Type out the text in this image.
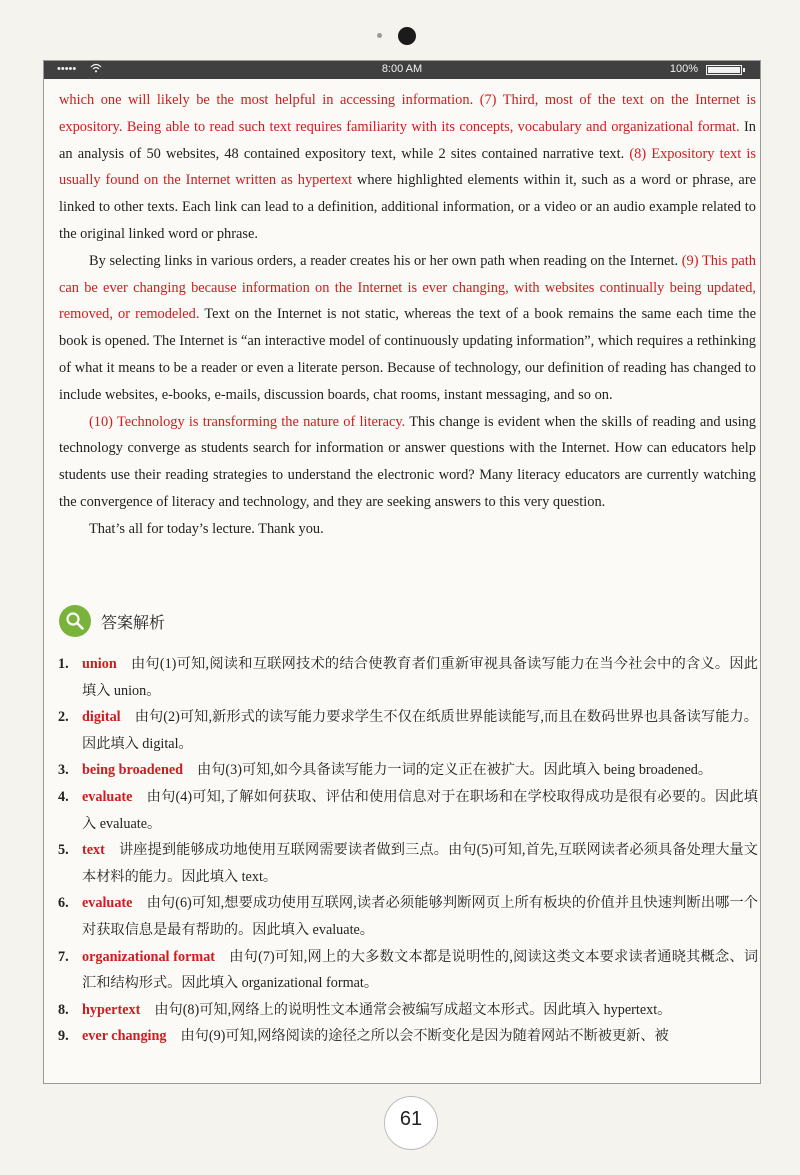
•••••	8:00 AM	100%

which one will likely be the most helpful in accessing information. (7) Third, most of the text on the Internet is expository. Being able to read such text requires familiarity with its concepts, vocabulary and organizational format. In an analysis of 50 websites, 48 contained expository text, while 2 sites contained narrative text. (8) Expository text is usually found on the Internet written as hypertext where highlighted elements within it, such as a word or phrase, are linked to other texts. Each link can lead to a definition, additional information, or a video or an audio example related to the original linked word or phrase.

By selecting links in various orders, a reader creates his or her own path when reading on the Internet. (9) This path can be ever changing because information on the Internet is ever changing, with websites continually being updated, removed, or remodeled. Text on the Internet is not static, whereas the text of a book remains the same each time the book is opened. The Internet is “an interactive model of continuously updating information”, which requires a rethinking of what it means to be a reader or even a literate person. Because of technology, our definition of reading has changed to include websites, e-books, e-mails, discussion boards, chat rooms, instant messaging, and so on.

(10) Technology is transforming the nature of literacy. This change is evident when the skills of reading and using technology converge as students search for information or answer questions with the Internet. How can educators help students use their reading strategies to understand the electronic word? Many literacy educators are currently watching the convergence of literacy and technology, and they are seeking answers to this very question.

That’s all for today’s lecture. Thank you.

答案解析
1. union 由句(1)可知,阅读和互联网技术的结合使教育者们重新审视具备读写能力在当今社会中的含义。因此填入 union。
2. digital 由句(2)可知,新形式的读写能力要求学生不仅在纸质世界能读能写,而且在数码世界也具备读写能力。因此填入 digital。
3. being broadened 由句(3)可知,如今具备读写能力一词的定义正在被扩大。因此填入 being broadened。
4. evaluate 由句(4)可知,了解如何获取、评估和使用信息对于在职场和在学校取得成功是很有必要的。因此填入 evaluate。
5. text 讲座提到能够成功地使用互联网需要读者做到三点。由句(5)可知,首先,互联网读者必须具备处理大量文本材料的能力。因此填入 text。
6. evaluate 由句(6)可知,想要成功使用互联网,读者必须能够判断网页上所有板块的价值并且快速判断出哪一个对获取信息是最有帮助的。因此填入 evaluate。
7. organizational format 由句(7)可知,网上的大多数文本都是说明性的,阅读这类文本要求读者通晓其概念、词汇和结构形式。因此填入 organizational format。
8. hypertext 由句(8)可知,网络上的说明性文本通常会被编写成超文本形式。因此填入 hypertext。
9. ever changing 由句(9)可知,网络阅读的途径之所以会不断变化是因为随着网站不断被更新、被
61
